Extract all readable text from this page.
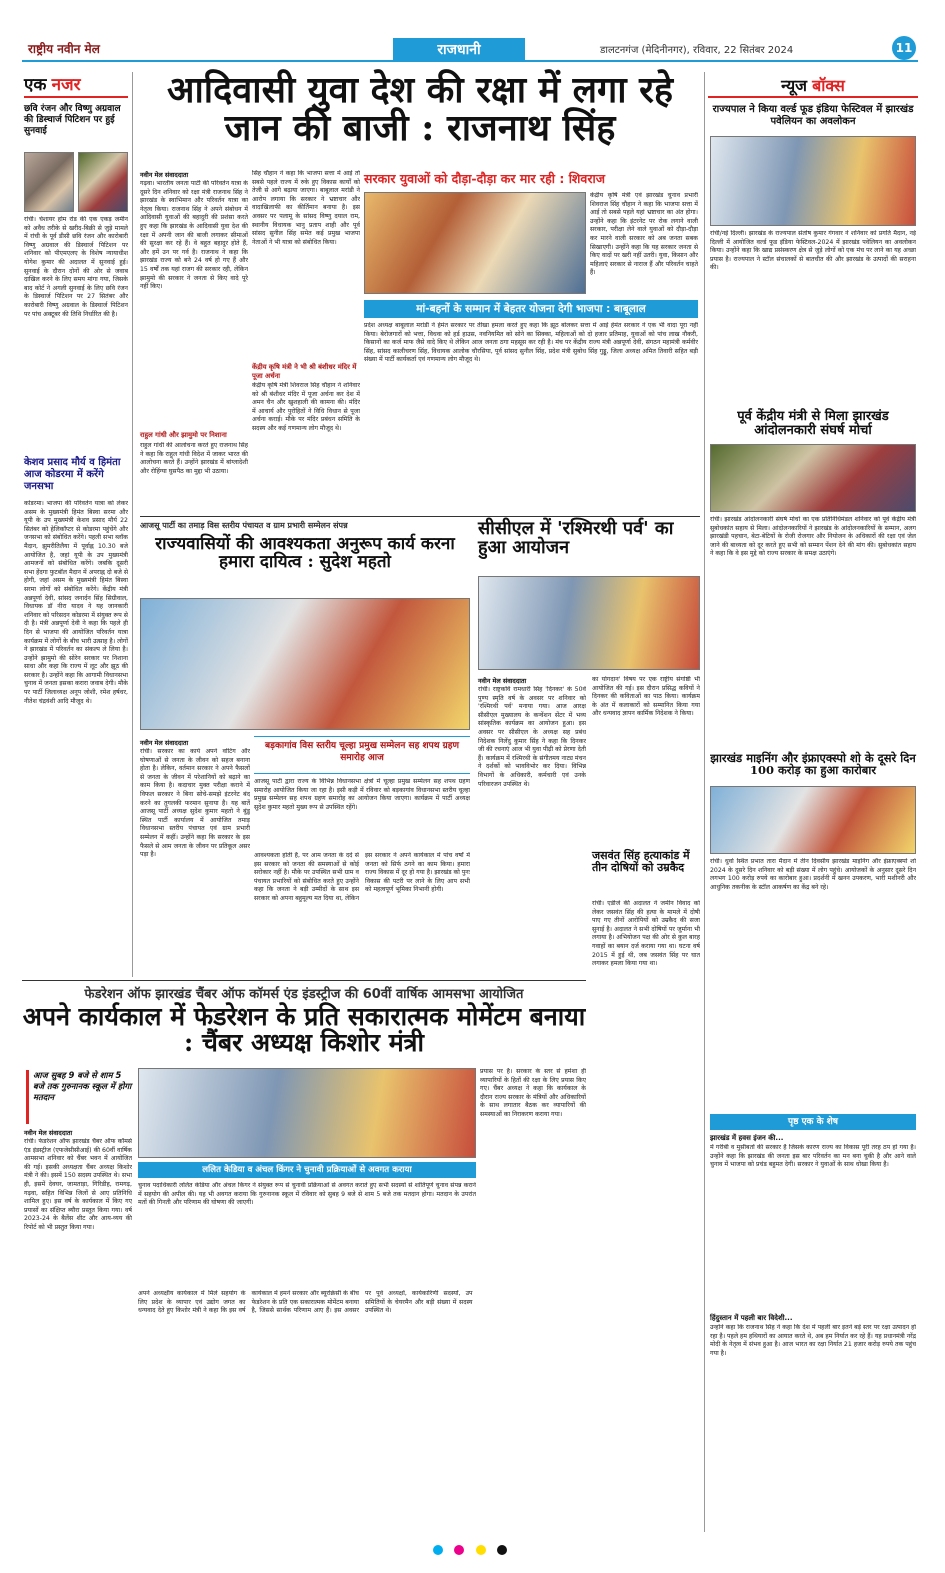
राष्ट्रीय नवीन मेल	राजधानी	डालटनगंज (मेदिनीनगर), रविवार, 22 सितंबर 2024	11
एक नजर
छवि रंजन और विष्णु अग्रवाल की डिस्चार्ज पिटिशन पर हुई सुनवाई
रांची। चेशायर होम रोड की एक एकड़ जमीन को अवैध तरीके से खरीद-बिक्री से जुड़े मामले में रांची के पूर्व डीसी छवि रंजन और कारोबारी विष्णु अग्रवाल की डिस्चार्ज पिटिशन पर शनिवार को पीएमएलए के विशेष न्यायाधीश योगेश कुमार की अदालत में सुनवाई हुई। सुनवाई के दौरान दोनों की ओर से जवाब दाखिल करने के लिए समय मांगा गया, जिसके बाद कोर्ट ने अगली सुनवाई के लिए छवि रंजन के डिस्चार्ज पिटिशन पर 27 सितंबर और कारोबारी विष्णु अग्रवाल के डिस्चार्ज पिटिशन पर पांच अक्टूबर की तिथि निर्धारित की है।
केशव प्रसाद मौर्य व हिमंता आज कोडरमा में करेंगे जनसभा
कोडरमा। भाजपा की परिवर्तन यात्रा को लेकर असम के मुख्यमंत्री हिमंत बिस्वा सरमा और यूपी के उप मुख्यमंत्री केशव प्रसाद मौर्य 22 सितंबर को हेलिकॉप्टर से कोडरमा पहुंचेंगे और जनसभा को संबोधित करेंगे। पहली सभा ब्लॉक मैदान, झुमरीतिलैया में पूर्वाह्न 10.30 बजे आयोजित है, जहां यूपी के उप मुख्यमंत्री आमजनों को संबोधित करेंगे। जबकि दूसरी सभा हेंदगा फुटबॉल मैदान में अपराह्न दो बजे से होगी, जहां असम के मुख्यमंत्री हिमंत बिस्वा सरमा लोगों को संबोधित करेंगे। केंद्रीय मंत्री अन्नपूर्णा देवी, सांसद जनार्दन सिंह सिग्रीवाल, विधायक डॉ नीरा यादव ने यह जानकारी शनिवार को परिसदन कोडरमा में संयुक्त रूप से दी है। मंत्री अन्नपूर्णा देवी ने कहा कि पहले ही दिन से भाजपा की आयोजित परिवर्तन यात्रा कार्यक्रम में लोगों के बीच भारी उत्साह है। लोगों ने झारखंड में परिवर्तन का संकल्प ले लिया है। उन्होंने झामुमो की सोरेन सरकार पर निशाना साधा और कहा कि राज्य में लूट और झूठ की सरकार है। उन्होंने कहा कि आगामी विधानसभा चुनाव में जनता इसका करारा जवाब देगी। मौके पर पार्टी जिलाध्यक्ष अनूप जोशी, रमेश हर्षधर, नीतेश चंद्रवंशी आदि मौजूद थे।
आदिवासी युवा देश की रक्षा में लगा रहे जान की बाजी : राजनाथ सिंह
नवीन मेल संवाददाता
गढ़वा। भारतीय जनता पार्टी की परिवर्तन यात्रा के दूसरे दिन शनिवार को रक्षा मंत्री राजनाथ सिंह ने झारखंड के स्वाभिमान और परिवर्तन यात्रा का नेतृत्व किया। राजनाथ सिंह ने अपने संबोधन में आदिवासी युवाओं की बहादुरी की प्रशंसा करते हुए कहा कि झारखंड के आदिवासी युवा देश की रक्षा में अपनी जान की बाजी लगाकर सीमाओं की सुरक्षा कर रहे हैं। वे बहुत बहादुर होते हैं, और हमें उन पर गर्व है। राजनाथ ने कहा कि झारखंड राज्य को बने 24 वर्ष हो गए हैं और 15 वर्षों तक यहां राजग की सरकार रही, लेकिन झामुमो की सरकार ने जनता से किए वादे पूरे नहीं किए।
राहुल गांधी और झामुमो पर निशाना
राहुल गांधी की आलोचना करते हुए राजनाथ सिंह ने कहा कि राहुल गांधी विदेश में जाकर भारत की आलोचना करते हैं। उन्होंने झारखंड में बांग्लादेशी और रोहिंग्या घुसपैठ का मुद्दा भी उठाया।
सिंह चौहान ने कहा कि भाजपा सत्ता में आई तो सबसे पहले राज्य में रुके हुए विकास कार्यों को तेजी से आगे बढ़ाया जाएगा। बाबूलाल मरांडी ने आरोप लगाया कि सरकार ने भ्रष्टाचार और वादाखिलाफी का कीर्तिमान बनाया है। इस अवसर पर पलामू के सांसद विष्णु दयाल राम, स्थानीय विधायक भानु प्रताप शाही और पूर्व सांसद सुनील सिंह समेत कई प्रमुख भाजपा नेताओं ने भी यात्रा को संबोधित किया।
केंद्रीय कृषि मंत्री ने भी श्री बंशीधर मंदिर में पूजा अर्चना
केंद्रीय कृषि मंत्री शिवराज सिंह चौहान ने शनिवार को श्री बंशीधर मंदिर में पूजा अर्चना कर देश में अमन चैन और खुशहाली की कामना की। मंदिर में आचार्य और पुरोहितों ने विधि विधान से पूजा अर्चना कराई। मौके पर मंदिर प्रबंधन समिति के सदस्य और कई गणमान्य लोग मौजूद थे।
सरकार युवाओं को दौड़ा-दौड़ा कर मार रही : शिवराज
केंद्रीय कृषि मंत्री एवं झारखंड चुनाव प्रभारी शिवराज सिंह चौहान ने कहा कि भाजपा सत्ता में आई तो सबसे पहले यहां भ्रष्टाचार का अंत होगा। उन्होंने कहा कि इंटरनेट पर रोक लगाने वाली सरकार, परीक्षा लेने वाले युवाओं को दौड़ा-दौड़ा कर मारने वाली सरकार को अब जनता सबक सिखाएगी। उन्होंने कहा कि यह सरकार जनता से किए वादों पर खरी नहीं उतरी। युवा, किसान और महिलाएं सरकार से नाराज हैं और परिवर्तन चाहते हैं।
मां-बहनों के सम्मान में बेहतर योजना देगी भाजपा : बाबूलाल
प्रदेश अध्यक्ष बाबूलाल मरांडी ने हेमंत सरकार पर तीखा हमला करते हुए कहा कि झूठ बोलकर सत्ता में आई हेमंत सरकार ने एक भी वादा पूरा नहीं किया। बेरोजगारों को भत्ता, विधवा को हर्ड हाउस, नवनियमित को सोने का सिक्का, महिलाओं को दो हजार प्रतिमाह, युवाओं को पांच लाख नौकरी, किसानों का कर्ज माफ जैसे वादे किए थे लेकिन आज जनता ठगा महसूस कर रही है। मंच पर केंद्रीय राज्य मंत्री अन्नपूर्णा देवी, संगठन महामंत्री कर्मवीर सिंह, सांसद कालीचरण सिंह, विधायक आलोक चौरसिया, पूर्व सांसद सुनील सिंह, प्रदेश मंत्री सुबोध सिंह गुड्डू, जिला अध्यक्ष अमित तिवारी सहित बड़ी संख्या में पार्टी कार्यकर्ता एवं गणमान्य लोग मौजूद थे।
आजसू पार्टी का तमाड़ विस स्तरीय पंचायत व ग्राम प्रभारी सम्मेलन संपन्न
राज्यवासियों की आवश्यकता अनुरूप कार्य करना हमारा दायित्व : सुदेश महतो
नवीन मेल संवाददाता
रांची। सरकार का कार्य अपने वोटिंग और घोषणाओं से जनता के जीवन को सहज बनाना होता है। लेकिन, वर्तमान सरकार ने अपने फैसलों से जनता के जीवन में परेशानियों को बढ़ाने का काम किया है। कदाचार मुक्त परीक्षा कराने में विफल सरकार ने बिना सोचे-समझे इंटरनेट बंद करने का तुगलकी फरमान सुनाया है। यह बातें आजसू पार्टी अध्यक्ष सुदेश कुमार महतो ने बुंडू स्थित पार्टी कार्यालय में आयोजित तमाड़ विधानसभा स्तरीय पंचायत एवं ग्राम प्रभारी सम्मेलन में कहीं। उन्होंने कहा कि सरकार के इस फैसले से आम जनता के जीवन पर प्रतिकूल असर पड़ा है।
बड़कागांव विस स्तरीय चूल्हा प्रमुख सम्मेलन सह शपथ ग्रहण समारोह आज
आजसू पार्टी द्वारा राज्य के विभिन्न विधानसभा क्षेत्रों में चूल्हा प्रमुख सम्मेलन सह शपथ ग्रहण समारोह आयोजित किया जा रहा है। इसी कड़ी में रविवार को बड़कागांव विधानसभा स्तरीय चूल्हा प्रमुख सम्मेलन सह शपथ ग्रहण समारोह का आयोजन किया जाएगा। कार्यक्रम में पार्टी अध्यक्ष सुदेश कुमार महतो मुख्य रूप से उपस्थित रहेंगे।
आवश्यकता होती है, पर आम जनता के दर्द से इस सरकार को जनता की समस्याओं से कोई सरोकार नहीं है। मौके पर उपस्थित सभी ग्राम व पंचायत प्रभारियों को संबोधित करते हुए उन्होंने कहा कि जनता ने बड़ी उम्मीदों के साथ इस सरकार को अपना बहुमूल्य मत दिया था, लेकिन इस सरकार ने अपने कार्यकाल में पांच वर्षों में जनता को सिर्फ ठगने का काम किया। हमारा राज्य विकास में दूर हो गया है। झारखंड को पुनः विकास की पटरी पर लाने के लिए आप सभी को महत्वपूर्ण भूमिका निभानी होगी।
सीसीएल में 'रश्मिरथी पर्व' का हुआ आयोजन
नवीन मेल संवाददाता
रांची। राष्ट्रकवि रामधारी सिंह 'दिनकर' के 50वें पुण्य स्मृति वर्ष के अवसर पर शनिवार को 'रश्मिरथी पर्व' मनाया गया। आज आरक्ष सीसीएल मुख्यालय के कन्वेंशन सेंटर में भव्य सांस्कृतिक कार्यक्रम का आयोजन हुआ। इस अवसर पर सीसीएल के अध्यक्ष सह प्रबंध निदेशक निलेंदु कुमार सिंह ने कहा कि दिनकर जी की रचनाएं आज भी युवा पीढ़ी को प्रेरणा देती हैं। कार्यक्रम में रश्मिरथी के संगीतमय नाट्य मंचन ने दर्शकों को भावविभोर कर दिया। विभिन्न विभागों के अधिकारी, कर्मचारी एवं उनके परिवारजन उपस्थित थे।
का योगदान' विषय पर एक राष्ट्रीय संगोष्ठी भी आयोजित की गई। इस दौरान प्रसिद्ध कवियों ने दिनकर की कविताओं का पाठ किया। कार्यक्रम के अंत में कलाकारों को सम्मानित किया गया और धन्यवाद ज्ञापन कार्मिक निदेशक ने किया।
जसवंत सिंह हत्याकांड में तीन दोषियों को उम्रकैद
रांची। एडीजे की अदालत ने जमीन विवाद को लेकर जसवंत सिंह की हत्या के मामले में दोषी पाए गए तीनों आरोपियों को उम्रकैद की सजा सुनाई है। अदालत ने सभी दोषियों पर जुर्माना भी लगाया है। अभियोजन पक्ष की ओर से कुल बारह गवाहों का बयान दर्ज कराया गया था। घटना वर्ष 2015 में हुई थी, जब जसवंत सिंह पर घात लगाकर हमला किया गया था।
न्यूज बॉक्स
राज्यपाल ने किया वर्ल्ड फूड इंडिया फेस्टिवल में झारखंड पवेलियन का अवलोकन
रांची/नई दिल्ली। झारखंड के राज्यपाल संतोष कुमार गंगवार ने शनिवार को प्रगति मैदान, नई दिल्ली में आयोजित वर्ल्ड फूड इंडिया फेस्टिवल-2024 में झारखंड पवेलियन का अवलोकन किया। उन्होंने कहा कि खाद्य प्रसंस्करण क्षेत्र से जुड़े लोगों को एक मंच पर लाने का यह अच्छा प्रयास है। राज्यपाल ने स्टॉल संचालकों से बातचीत की और झारखंड के उत्पादों की सराहना की।
पूर्व केंद्रीय मंत्री से मिला झारखंड आंदोलनकारी संघर्ष मोर्चा
रांची। झारखंड आंदोलनकारी संघर्ष मोर्चा का एक प्रतिनिधिमंडल शनिवार को पूर्व केंद्रीय मंत्री सुबोधकांत सहाय से मिला। आंदोलनकारियों ने झारखंड के आंदोलनकारियों के सम्मान, अलग झारखंडी पहचान, बेटा-बेटियों के रोजी रोजगार और नियोजन के अधिकारों की रक्षा एवं जेल जाने की बाध्यता को दूर करते हुए सभी को सम्मान पेंशन देने की मांग की। सुबोधकांत सहाय ने कहा कि वे इस मुद्दे को राज्य सरकार के समक्ष उठाएंगे।
झारखंड माइनिंग और इंफ्राएक्स्पो शो के दूसरे दिन 100 करोड़ का हुआ कारोबार
रांची। धुर्वा स्थित प्रभात तारा मैदान में तीन दिवसीय झारखंड माइनिंग और इंफ्राएक्स्पो शो 2024 के दूसरे दिन शनिवार को बड़ी संख्या में लोग पहुंचे। आयोजकों के अनुसार दूसरे दिन लगभग 100 करोड़ रुपये का कारोबार हुआ। प्रदर्शनी में खनन उपकरण, भारी मशीनरी और आधुनिक तकनीक के स्टॉल आकर्षण का केंद्र बने रहे।
पृष्ठ एक के शेष
झारखंड में हवस इंजन की...
में गरीबी व मुसीबतों की सरकार है जिसके कारण राज्य का विकास पूरी तरह ठप हो गया है। उन्होंने कहा कि झारखंड की जनता इस बार परिवर्तन का मन बना चुकी है और आने वाले चुनाव में भाजपा को प्रचंड बहुमत देगी। सरकार ने युवाओं के साथ धोखा किया है।
हिंदुस्तान में पहली बार विदेशी...
उन्होंने कहा कि राजनाथ सिंह ने कहा कि देश में पहली बार इतने बड़े स्तर पर रक्षा उत्पादन हो रहा है। पहले हम हथियारों का आयात करते थे, अब हम निर्यात कर रहे हैं। यह प्रधानमंत्री नरेंद्र मोदी के नेतृत्व में संभव हुआ है। आज भारत का रक्षा निर्यात 21 हजार करोड़ रुपये तक पहुंच गया है।
फेडरेशन ऑफ झारखंड चैंबर ऑफ कॉमर्स एंड इंडस्ट्रीज की 60वीं वार्षिक आमसभा आयोजित
अपने कार्यकाल में फेडरेशन के प्रति सकारात्मक मोमेंटम बनाया : चैंबर अध्यक्ष किशोर मंत्री
आज सुबह 9 बजे से शाम 5 बजे तक गुरुनानक स्कूल में होगा मतदान
नवीन मेल संवाददाता
रांची। फेडरेशन ऑफ झारखंड चैंबर ऑफ कॉमर्स एंड इंडस्ट्रीज (एफजेसीसीआई) की 60वीं वार्षिक आमसभा शनिवार को चैंबर भवन में आयोजित की गई। इसकी अध्यक्षता चैंबर अध्यक्ष किशोर मंत्री ने की। इसमें 150 सदस्य उपस्थित थे। सभा ही, इसमें देवघर, जामताड़ा, गिरिडीह, रामगढ़, गढ़वा, सहित विभिन्न जिलों से आए प्रतिनिधि शामिल हुए। इस वर्ष के कार्यकाल में किए गए प्रयासों का संक्षिप्त ब्यौरा प्रस्तुत किया गया। वर्ष 2023-24 के बैलेंस शीट और आय-व्यय की रिपोर्ट को भी प्रस्तुत किया गया।
प्रयास पर है। सरकार के स्तर से हमेशा ही व्यापारियों के हितों की रक्षा के लिए प्रयास किए गए। चैंबर अध्यक्ष ने कहा कि कार्यकाल के दौरान राज्य सरकार के मंत्रियों और अधिकारियों के साथ लगातार बैठक कर व्यापारियों की समस्याओं का निराकरण कराया गया।
ललित केडिया व अंचल किंगर ने चुनावी प्रक्रियाओं से अवगत कराया
चुनाव पदाधिकारी ललित केडिया और अंचल किंगर ने संयुक्त रूप से चुनावी प्रक्रियाओं से अवगत कराते हुए सभी सदस्यों से शांतिपूर्ण चुनाव संपन्न कराने में सहयोग की अपील की। यह भी अवगत कराया कि गुरुनानक स्कूल में रविवार को सुबह 9 बजे से शाम 5 बजे तक मतदान होगा। मतदान के उपरांत मतों की गिनती और परिणाम की घोषणा की जाएगी।
अपने अध्यक्षीय कार्यकाल में मिले सहयोग के लिए प्रदेश के व्यापार एवं उद्योग जगत का धन्यवाद देते हुए किशोर मंत्री ने कहा कि इस वर्ष कार्यकाल में हमने सरकार और ब्यूरोक्रेसी के बीच फेडरेशन के प्रति एक सकारात्मक मोमेंटम बनाया है, जिससे सार्थक परिणाम आए हैं। इस अवसर पर पूर्व अध्यक्षों, कार्यकारिणी सदस्यों, उप समितियों के चेयरमैन और बड़ी संख्या में सदस्य उपस्थित थे।
